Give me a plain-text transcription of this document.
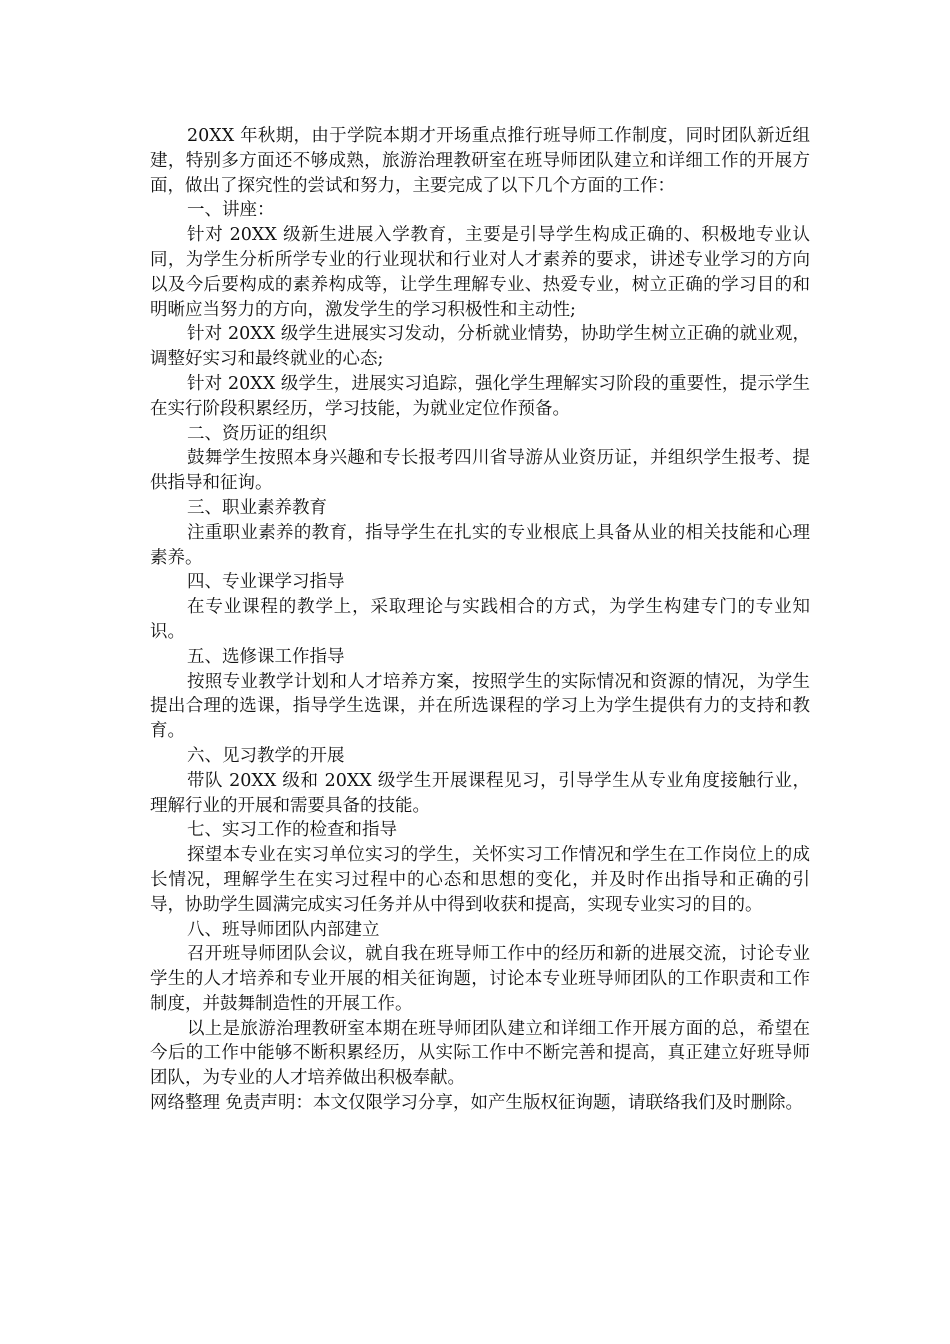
20XX 年秋期，由于学院本期才开场重点推行班导师工作制度，同时团队新近组建，特别多方面还不够成熟，旅游治理教研室在班导师团队建立和详细工作的开展方面，做出了探究性的尝试和努力，主要完成了以下几个方面的工作：

一、讲座：

针对 20XX 级新生进展入学教育，主要是引导学生构成正确的、积极地专业认同，为学生分析所学专业的行业现状和行业对人才素养的要求，讲述专业学习的方向以及今后要构成的素养构成等，让学生理解专业、热爱专业，树立正确的学习目的和明晰应当努力的方向，激发学生的学习积极性和主动性;

针对 20XX 级学生进展实习发动，分析就业情势，协助学生树立正确的就业观，调整好实习和最终就业的心态;

针对 20XX 级学生，进展实习追踪，强化学生理解实习阶段的重要性，提示学生在实行阶段积累经历，学习技能，为就业定位作预备。

二、资历证的组织

鼓舞学生按照本身兴趣和专长报考四川省导游从业资历证，并组织学生报考、提供指导和征询。

三、职业素养教育

注重职业素养的教育，指导学生在扎实的专业根底上具备从业的相关技能和心理素养。

四、专业课学习指导

在专业课程的教学上，采取理论与实践相合的方式，为学生构建专门的专业知识。

五、选修课工作指导

按照专业教学计划和人才培养方案，按照学生的实际情况和资源的情况，为学生提出合理的选课，指导学生选课，并在所选课程的学习上为学生提供有力的支持和教育。

六、见习教学的开展

带队 20XX 级和 20XX 级学生开展课程见习，引导学生从专业角度接触行业，理解行业的开展和需要具备的技能。

七、实习工作的检查和指导

探望本专业在实习单位实习的学生，关怀实习工作情况和学生在工作岗位上的成长情况，理解学生在实习过程中的心态和思想的变化，并及时作出指导和正确的引导，协助学生圆满完成实习任务并从中得到收获和提高，实现专业实习的目的。

八、班导师团队内部建立

召开班导师团队会议，就自我在班导师工作中的经历和新的进展交流，讨论专业学生的人才培养和专业开展的相关征询题，讨论本专业班导师团队的工作职责和工作制度，并鼓舞制造性的开展工作。

以上是旅游治理教研室本期在班导师团队建立和详细工作开展方面的总，希望在今后的工作中能够不断积累经历，从实际工作中不断完善和提高，真正建立好班导师团队，为专业的人才培养做出积极奉献。

网络整理 免责声明：本文仅限学习分享，如产生版权征询题，请联络我们及时删除。
